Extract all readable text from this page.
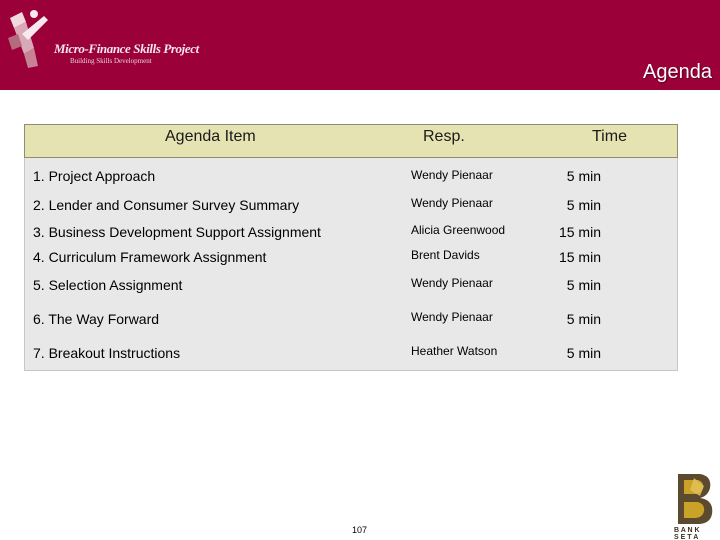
Micro-Finance Skills Project
Building Skills Development	Agenda
Agenda Item	Resp.	Time
1. Project Approach	Wendy Pienaar	5 min
2. Lender and Consumer Survey Summary	Wendy Pienaar	5 min
3. Business Development Support Assignment	Alicia Greenwood	15 min
4. Curriculum Framework Assignment	Brent Davids	15 min
5. Selection Assignment	Wendy Pienaar	5 min
6. The Way Forward	Wendy Pienaar	5 min
7. Breakout Instructions	Heather Watson	5 min
107	B A N K
S E T A
